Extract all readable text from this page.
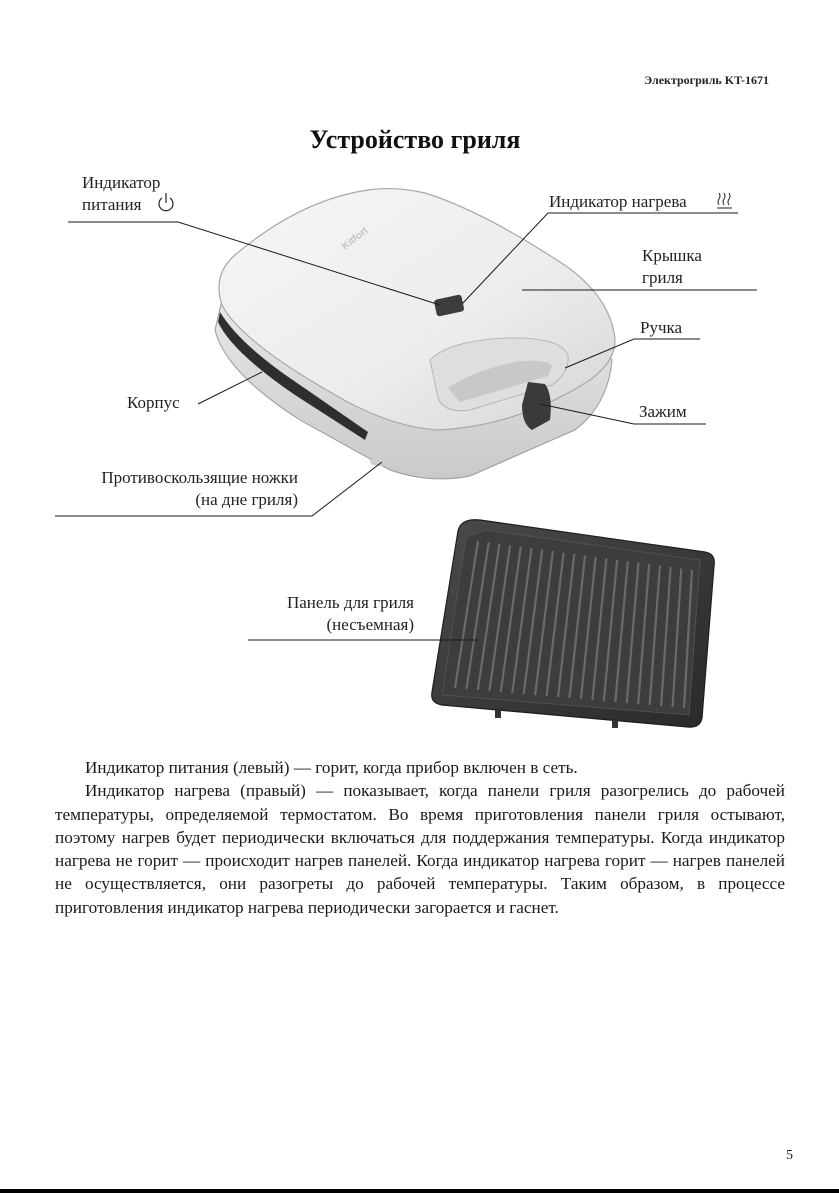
Электрогриль KT-1671
Устройство гриля
Kitfort
Индикатор
питания	Индикатор нагрева
Крышка
гриля
Ручка
Корпус	Зажим
Противоскользящие ножки
(на дне гриля)
Панель для гриля
(несъемная)

Индикатор питания (левый) — горит, когда прибор включен в сеть.

Индикатор нагрева (правый) — показывает, когда панели гриля разогрелись до рабочей температуры, определяемой термостатом. Во время приготовления панели гриля остывают, поэтому нагрев будет периодически включаться для поддержания температуры. Когда индикатор нагрева не горит — происходит нагрев панелей. Когда индикатор нагрева горит — нагрев панелей не осуществляется, они разогреты до рабочей температуры. Таким образом, в процессе приготовления индикатор нагрева периодически загорается и гаснет.

5
